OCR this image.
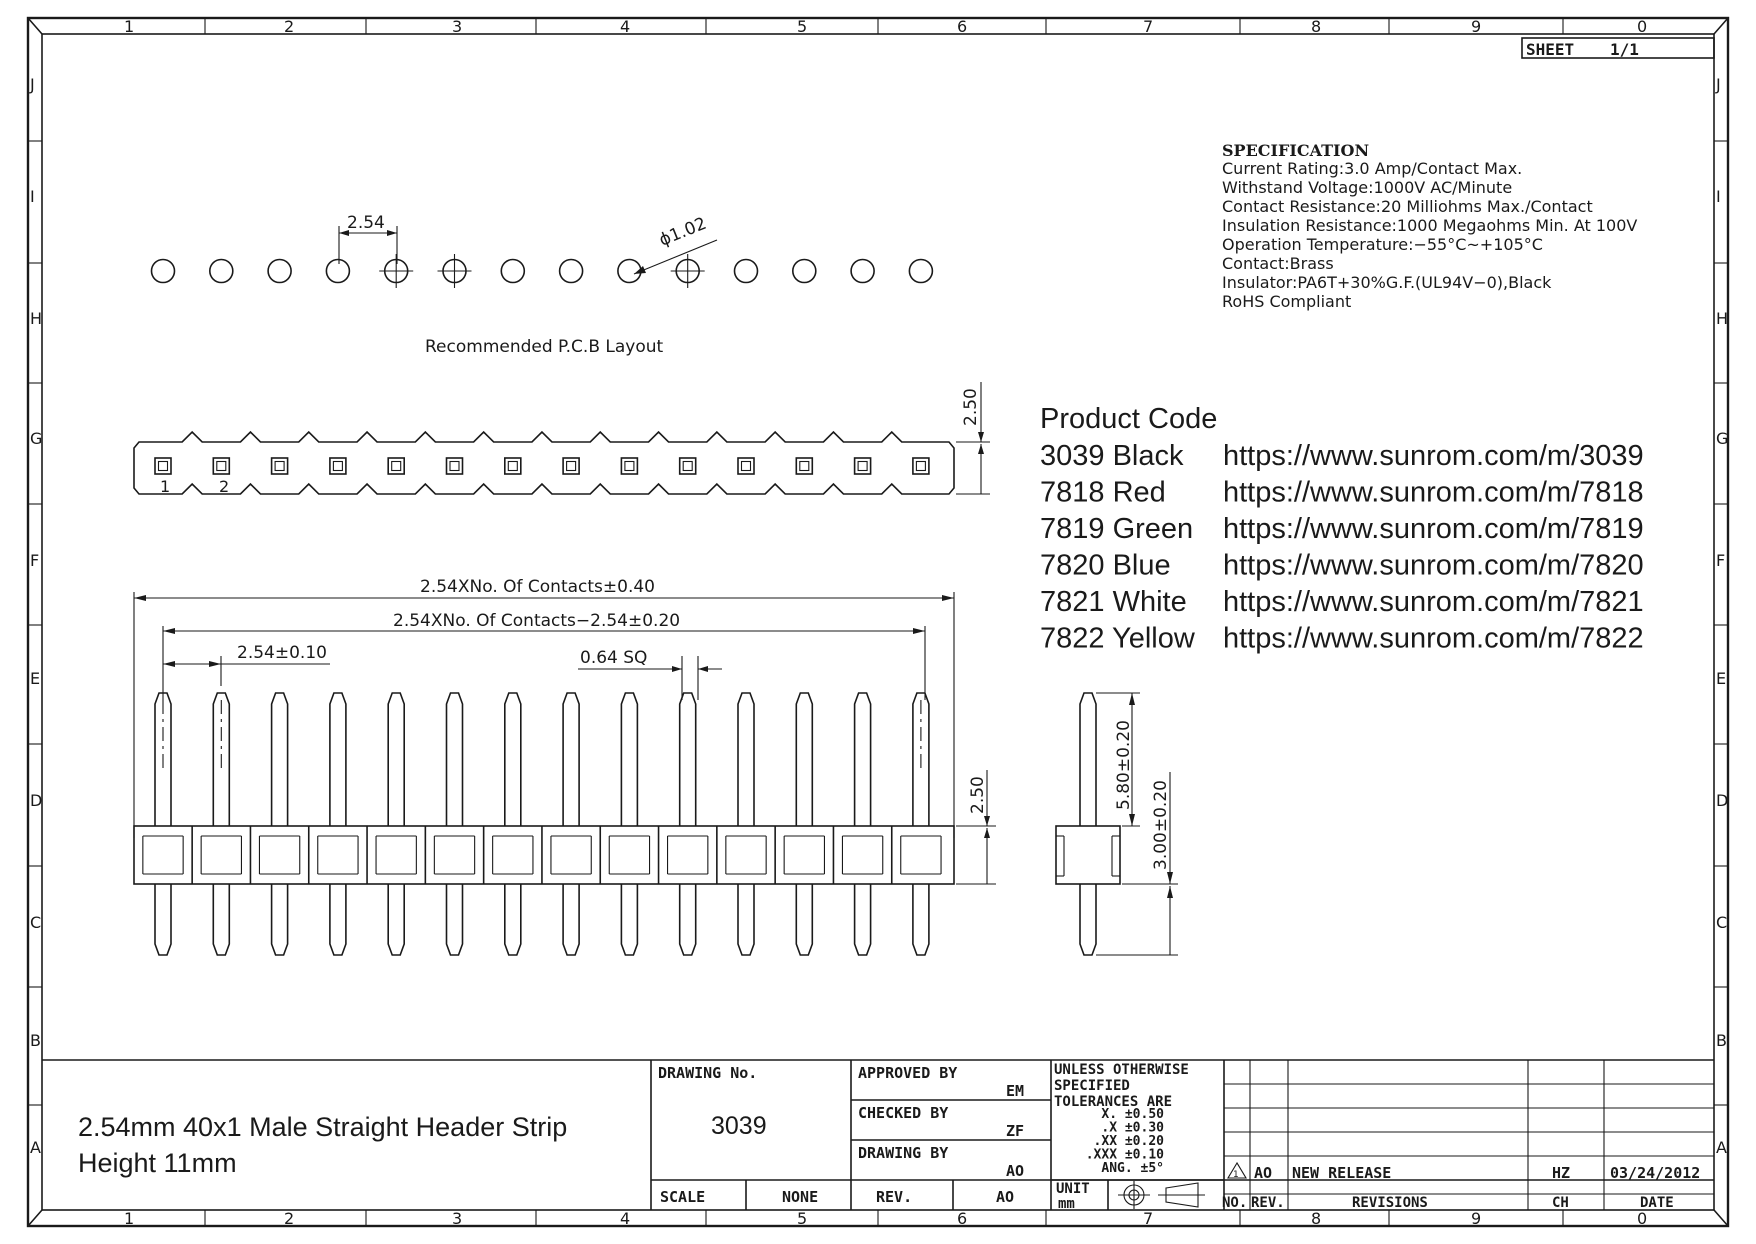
1
1
2
2
3
3
4
4
5
5
6
6
7
7
8
8
9
9
0
0
J	J
I	I
H	H
G	G
F	F
E	E
D	D
C	C
B	B
A	A
SHEET 1/1
SPECIFICATION
Current Rating:3.0 Amp/Contact Max.
Withstand Voltage:1000V AC/Minute
Contact Resistance:20 Milliohms Max./Contact
Insulation Resistance:1000 Megaohms Min. At 100V
Operation Temperature:−55°C~+105°C
Contact:Brass
Insulator:PA6T+30%G.F.(UL94V−0),Black
RoHS Compliant
2.54	ϕ1.02
Recommended P.C.B Layout
1	2
2.50
2.54XNo. Of Contacts±0.40
2.54XNo. Of Contacts−2.54±0.20
2.54±0.10	0.64 SQ
2.50	5.80±0.20
3.00±0.20
Product Code
3039 Black https://www.sunrom.com/m/3039
7818 Red https://www.sunrom.com/m/7818
7819 Green https://www.sunrom.com/m/7819
7820 Blue https://www.sunrom.com/m/7820
7821 White https://www.sunrom.com/m/7821
7822 Yellow https://www.sunrom.com/m/7822
2.54mm 40x1 Male Straight Header Strip
Height 11mm
DRAWING No.
3039
APPROVED BY
EM
CHECKED BY
ZF
DRAWING BY
AO
SCALE	NONE	REV.	AO
UNLESS OTHERWISE
SPECIFIED
TOLERANCES ARE
X. ±0.50
.X ±0.30
.XX ±0.20
.XXX ±0.10
ANG. ±5°
UNIT
mm
1 AO NEW RELEASE	HZ	03/24/2012
NO. REV.	REVISIONS	CH	DATE
